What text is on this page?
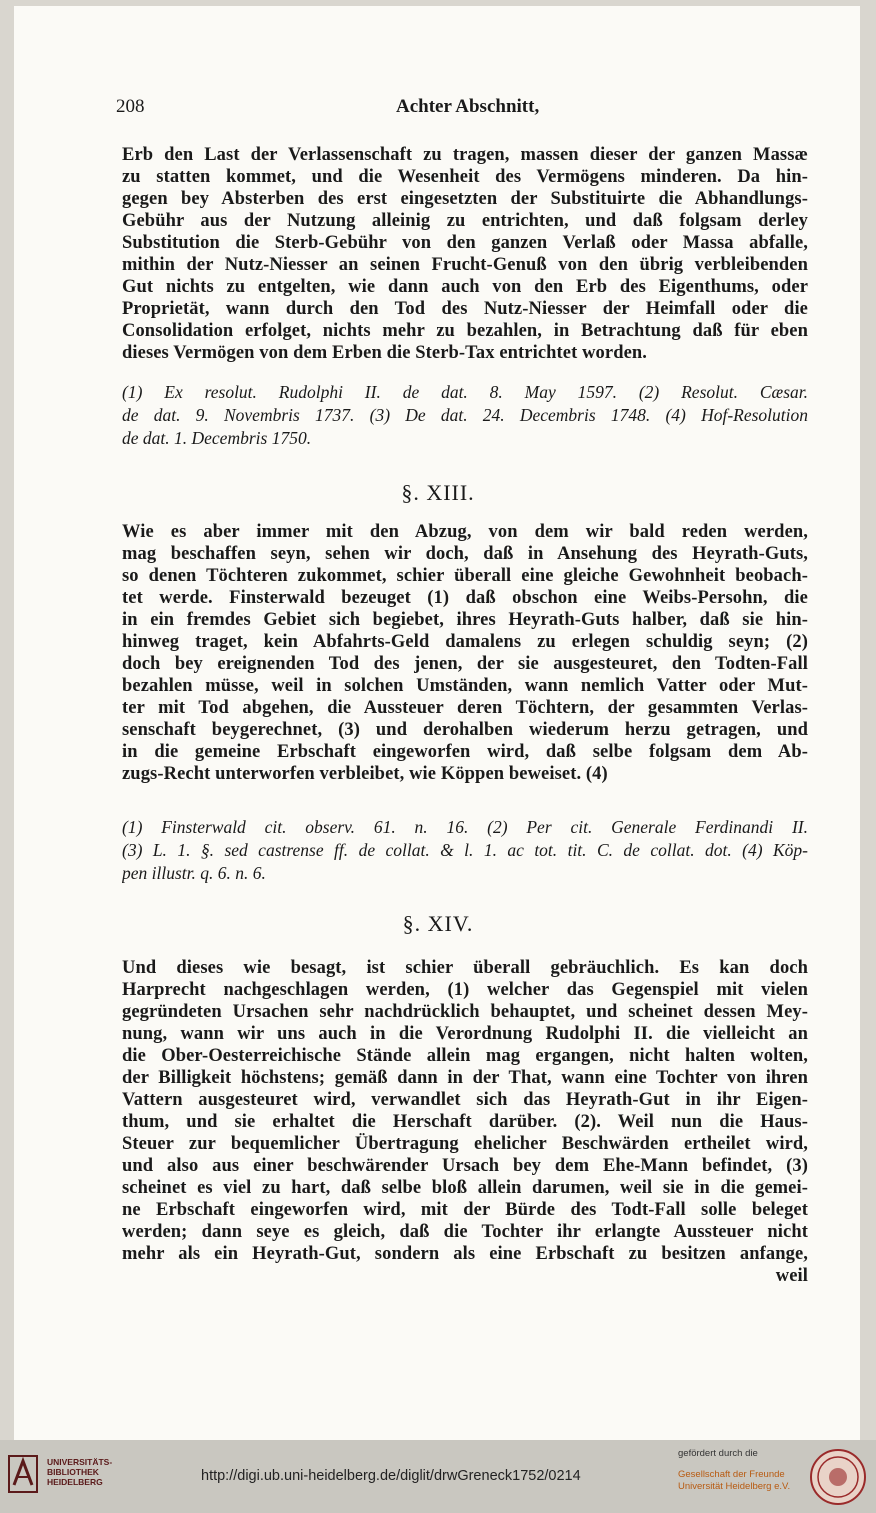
208	Achter Abschnitt,
Erb den Last der Verlassenschaft zu tragen, massen dieser der ganzen Massæ
zu statten kommet, und die Wesenheit des Vermögens minderen. Da hin-
gegen bey Absterben des erst eingesetzten der Substituirte die Abhandlungs-
Gebühr aus der Nutzung alleinig zu entrichten, und daß folgsam derley
Substitution die Sterb-Gebühr von den ganzen Verlaß oder Massa abfalle,
mithin der Nutz-Niesser an seinen Frucht-Genuß von den übrig verbleibenden
Gut nichts zu entgelten, wie dann auch von den Erb des Eigenthums, oder
Proprietät, wann durch den Tod des Nutz-Niesser der Heimfall oder die
Consolidation erfolget, nichts mehr zu bezahlen, in Betrachtung daß für eben
dieses Vermögen von dem Erben die Sterb-Tax entrichtet worden.
(1) Ex resolut. Rudolphi II. de dat. 8. May 1597. (2) Resolut. Cæsar.
de dat. 9. Novembris 1737. (3) De dat. 24. Decembris 1748. (4) Hof-Resolution
de dat. 1. Decembris 1750.
§. XIII.
Wie es aber immer mit den Abzug, von dem wir bald reden werden,
mag beschaffen seyn, sehen wir doch, daß in Ansehung des Heyrath-Guts,
so denen Töchteren zukommet, schier überall eine gleiche Gewohnheit beobach-
tet werde. Finsterwald bezeuget (1) daß obschon eine Weibs-Persohn, die
in ein fremdes Gebiet sich begiebet, ihres Heyrath-Guts halber, daß sie hin-
hinweg traget, kein Abfahrts-Geld damalens zu erlegen schuldig seyn; (2)
doch bey ereignenden Tod des jenen, der sie ausgesteuret, den Todten-Fall
bezahlen müsse, weil in solchen Umständen, wann nemlich Vatter oder Mut-
ter mit Tod abgehen, die Aussteuer deren Töchtern, der gesammten Verlas-
senschaft beygerechnet, (3) und derohalben wiederum herzu getragen, und
in die gemeine Erbschaft eingeworfen wird, daß selbe folgsam dem Ab-
zugs-Recht unterworfen verbleibet, wie Köppen beweiset. (4)
(1) Finsterwald cit. observ. 61. n. 16. (2) Per cit. Generale Ferdinandi II.
(3) L. 1. §. sed castrense ff. de collat. & l. 1. ac tot. tit. C. de collat. dot. (4) Köp-
pen illustr. q. 6. n. 6.
§. XIV.
Und dieses wie besagt, ist schier überall gebräuchlich. Es kan doch
Harprecht nachgeschlagen werden, (1) welcher das Gegenspiel mit vielen
gegründeten Ursachen sehr nachdrücklich behauptet, und scheinet dessen Mey-
nung, wann wir uns auch in die Verordnung Rudolphi II. die vielleicht an
die Ober-Oesterreichische Stände allein mag ergangen, nicht halten wolten,
der Billigkeit höchstens; gemäß dann in der That, wann eine Tochter von ihren
Vattern ausgesteuret wird, verwandlet sich das Heyrath-Gut in ihr Eigen-
thum, und sie erhaltet die Herschaft darüber. (2). Weil nun die Haus-
Steuer zur bequemlicher Übertragung ehelicher Beschwärden ertheilet wird,
und also aus einer beschwärender Ursach bey dem Ehe-Mann befindet, (3)
scheinet es viel zu hart, daß selbe bloß allein darumen, weil sie in die gemei-
ne Erbschaft eingeworfen wird, mit der Bürde des Todt-Fall solle beleget
werden; dann seye es gleich, daß die Tochter ihr erlangte Aussteuer nicht
mehr als ein Heyrath-Gut, sondern als eine Erbschaft zu besitzen anfange,
weil
UNIVERSITÄTS-
BIBLIOTHEK
HEIDELBERG	http://digi.ub.uni-heidelberg.de/diglit/drwGreneck1752/0214
gefördert durch die
Gesellschaft der Freunde
Universität Heidelberg e.V.
